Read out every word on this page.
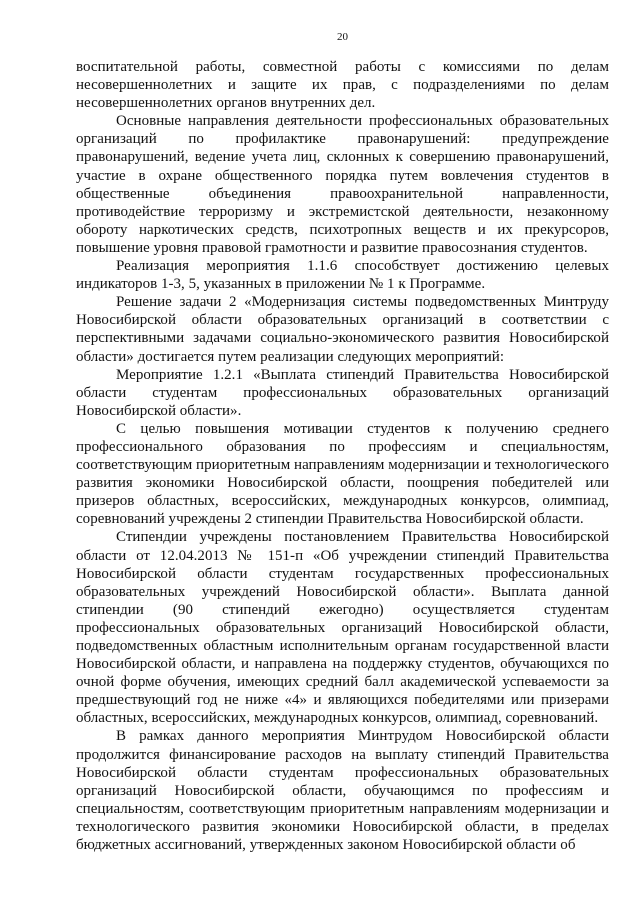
20

воспитательной работы, совместной работы с комиссиями по делам несовершеннолетних и защите их прав, с подразделениями по делам несовершеннолетних органов внутренних дел.

Основные направления деятельности профессиональных образовательных организаций по профилактике правонарушений: предупреждение правонарушений, ведение учета лиц, склонных к совершению правонарушений, участие в охране общественного порядка путем вовлечения студентов в общественные объединения правоохранительной направленности, противодействие терроризму и экстремистской деятельности, незаконному обороту наркотических средств, психотропных веществ и их прекурсоров, повышение уровня правовой грамотности и развитие правосознания студентов.

Реализация мероприятия 1.1.6 способствует достижению целевых индикаторов 1-3, 5, указанных в приложении № 1 к Программе.

Решение задачи 2 «Модернизация системы подведомственных Минтруду Новосибирской области образовательных организаций в соответствии с перспективными задачами социально-экономического развития Новосибирской области» достигается путем реализации следующих мероприятий:

Мероприятие 1.2.1 «Выплата стипендий Правительства Новосибирской области студентам профессиональных образовательных организаций Новосибирской области».

С целью повышения мотивации студентов к получению среднего профессионального образования по профессиям и специальностям, соответствующим приоритетным направлениям модернизации и технологического развития экономики Новосибирской области, поощрения победителей или призеров областных, всероссийских, международных конкурсов, олимпиад, соревнований учреждены 2 стипендии Правительства Новосибирской области.

Стипендии учреждены постановлением Правительства Новосибирской области от 12.04.2013 № 151-п «Об учреждении стипендий Правительства Новосибирской области студентам государственных профессиональных образовательных учреждений Новосибирской области». Выплата данной стипендии (90 стипендий ежегодно) осуществляется студентам профессиональных образовательных организаций Новосибирской области, подведомственных областным исполнительным органам государственной власти Новосибирской области, и направлена на поддержку студентов, обучающихся по очной форме обучения, имеющих средний балл академической успеваемости за предшествующий год не ниже «4» и являющихся победителями или призерами областных, всероссийских, международных конкурсов, олимпиад, соревнований.

В рамках данного мероприятия Минтрудом Новосибирской области продолжится финансирование расходов на выплату стипендий Правительства Новосибирской области студентам профессиональных образовательных организаций Новосибирской области, обучающимся по профессиям и специальностям, соответствующим приоритетным направлениям модернизации и технологического развития экономики Новосибирской области, в пределах бюджетных ассигнований, утвержденных законом Новосибирской области об
